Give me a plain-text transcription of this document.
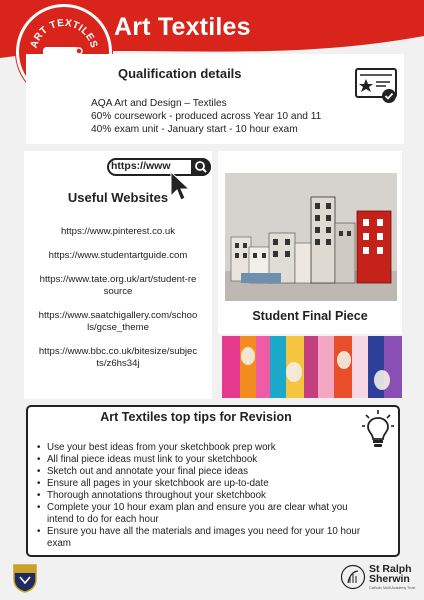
Art Textiles
ART TEXTILES
Qualification details
AQA Art and Design – Textiles
60% coursework - produced across Year 10 and 11
40% exam unit - January start - 10 hour exam
https://www
Useful Websites
https://www.pinterest.co.uk
https://www.studentartguide.com
https://www.tate.org.uk/art/student-resource
https://www.saatchigallery.com/schools/gcse_theme
https://www.bbc.co.uk/bitesize/subjects/z6hs34j
Student Final Piece
Art Textiles top tips for Revision
• Use your best ideas from your sketchbook prep work
• All final piece ideas must link to your sketchbook
• Sketch out and annotate your final piece ideas
• Ensure all pages in your sketchbook are up-to-date
• Thorough annotations throughout your sketchbook
• Complete your 10 hour exam plan and ensure you are clear what you intend to do for each hour
• Ensure you have all the materials and images you need for your 10 hour exam
St Ralph
Sherwin
Catholic Multi Academy Trust
